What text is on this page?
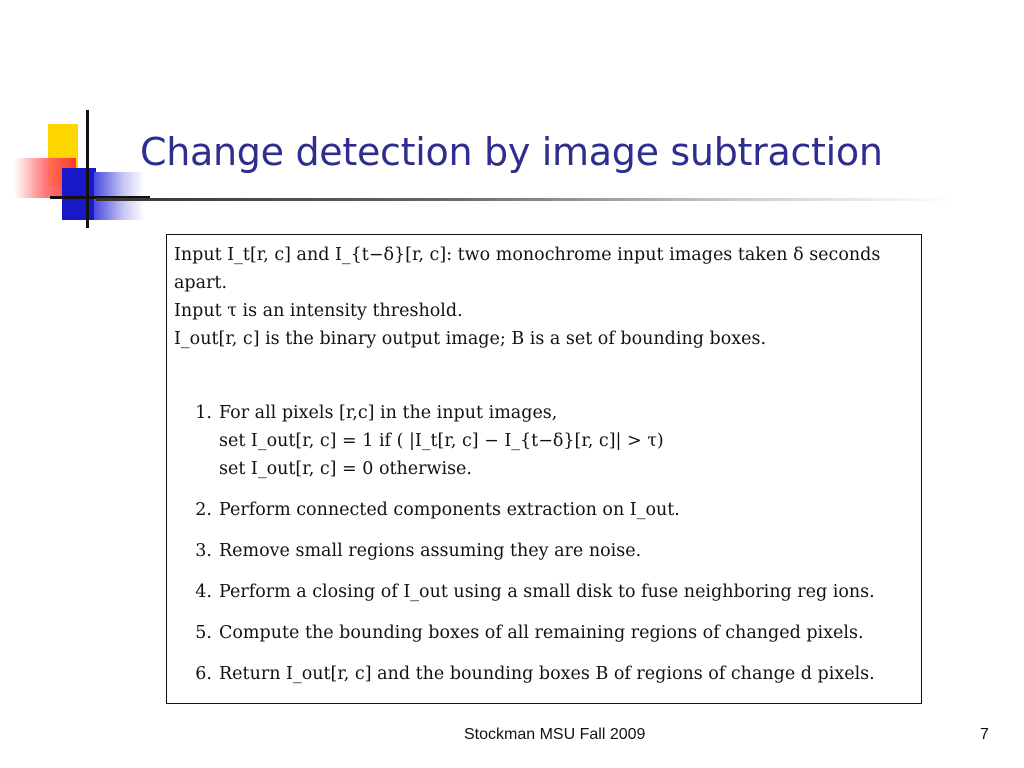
Change detection by image subtraction

Input I_t[r, c] and I_{t−δ}[r, c]: two monochrome input images taken δ seconds

apart.

Input τ is an intensity threshold.

I_out[r, c] is the binary output image; B is a set of bounding boxes.

1. For all pixels [r,c] in the input images,
set I_out[r, c] = 1 if ( |I_t[r, c] − I_{t−δ}[r, c]| > τ)
set I_out[r, c] = 0 otherwise.
2. Perform connected components extraction on I_out.
3. Remove small regions assuming they are noise.
4. Perform a closing of I_out using a small disk to fuse neighboring reg ions.
5. Compute the bounding boxes of all remaining regions of changed pixels.
6. Return I_out[r, c] and the bounding boxes B of regions of change d pixels.
Stockman MSU Fall 2009	7
